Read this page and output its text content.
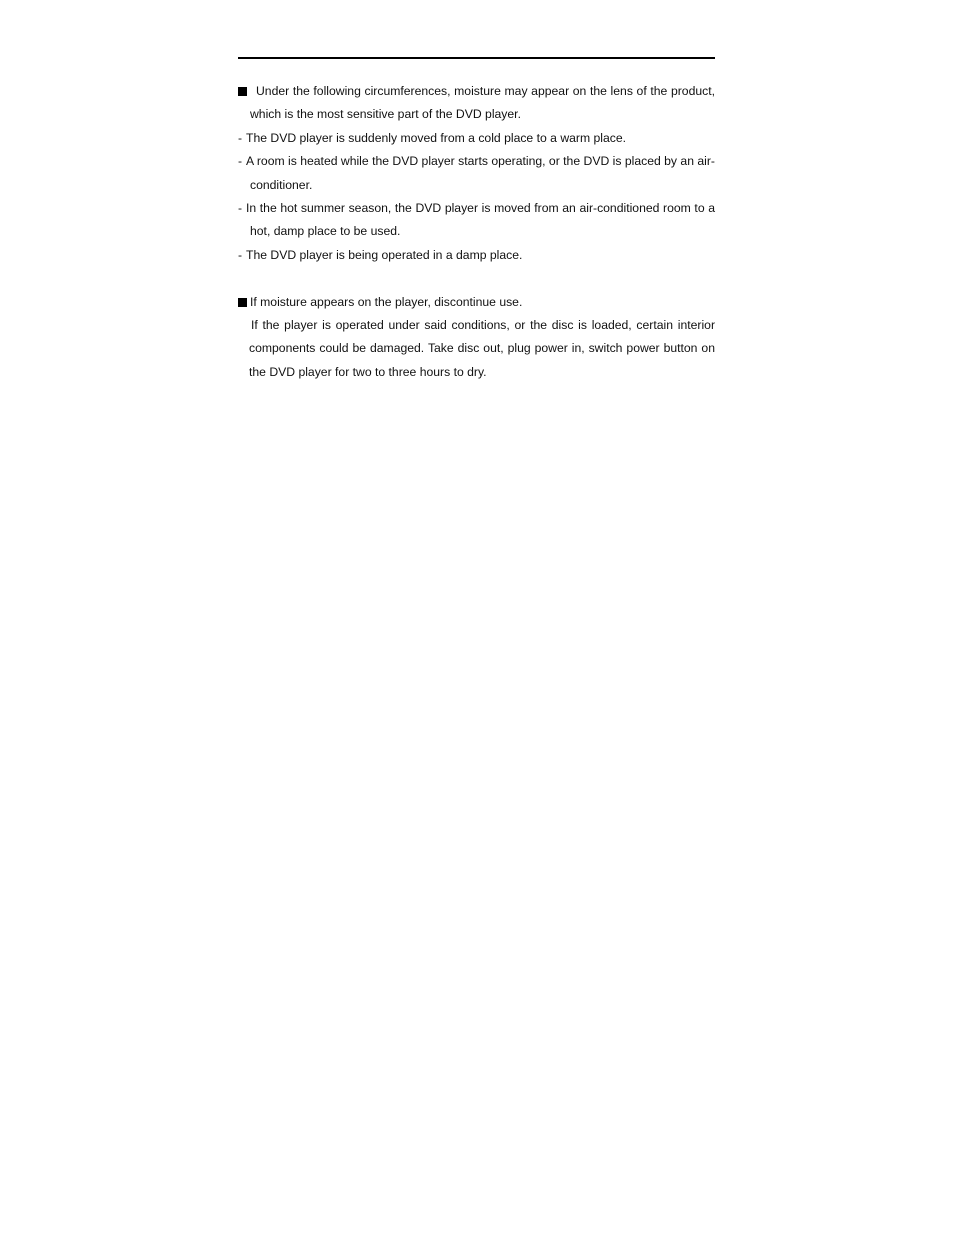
Under the following circumferences, moisture may appear on the lens of the product, which is the most sensitive part of the DVD player.

- The DVD player is suddenly moved from a cold place to a warm place.

- A room is heated while the DVD player starts operating, or the DVD is placed by an air-conditioner.

- In the hot summer season, the DVD player is moved from an air-conditioned room to a hot, damp place to be used.

- The DVD player is being operated in a damp place.

If moisture appears on the player, discontinue use.

If the player is operated under said conditions, or the disc is loaded, certain interior components could be damaged. Take disc out, plug power in, switch power button on the DVD player for two to three hours to dry.
